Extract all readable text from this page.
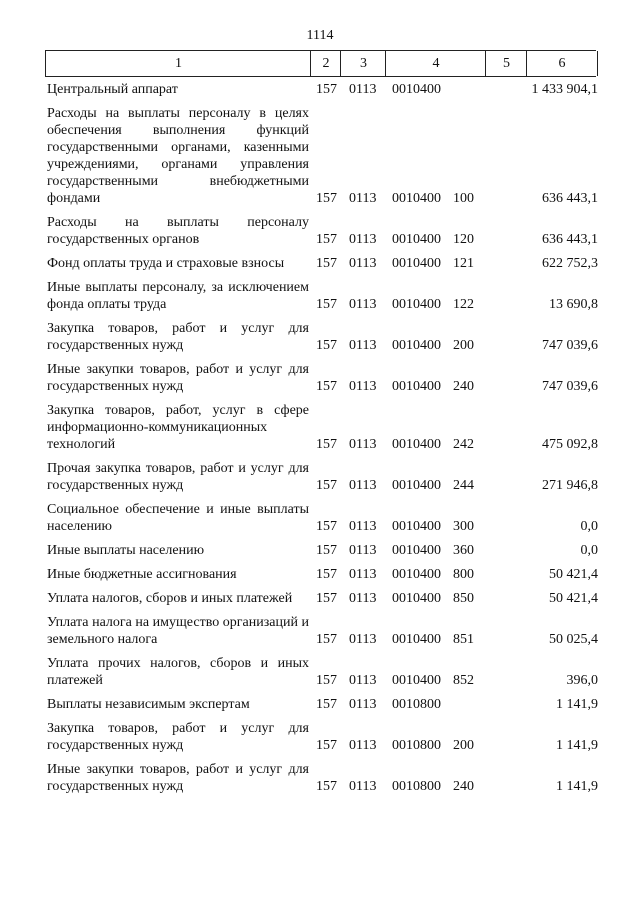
1114
1	2	3	4	5	6
Центральный аппарат	157 0113 0010400	1 433 904,1
Расходы на выплаты персоналу в целях обеспечения выполнения функций государственными органами, казенными учреждениями, органами управления государственными внебюджетными фондами	157 0113 0010400 100	636 443,1
Расходы на выплаты персоналу государственных органов	157 0113 0010400 120	636 443,1
Фонд оплаты труда и страховые взносы	157 0113 0010400 121	622 752,3
Иные выплаты персоналу, за исключением фонда оплаты труда	157 0113 0010400 122	13 690,8
Закупка товаров, работ и услуг для государственных нужд	157 0113 0010400 200	747 039,6
Иные закупки товаров, работ и услуг для государственных нужд	157 0113 0010400 240	747 039,6
Закупка товаров, работ, услуг в сфере информационно-коммуникационных технологий	157 0113 0010400 242	475 092,8
Прочая закупка товаров, работ и услуг для государственных нужд	157 0113 0010400 244	271 946,8
Социальное обеспечение и иные выплаты населению	157 0113 0010400 300	0,0
Иные выплаты населению	157 0113 0010400 360	0,0
Иные бюджетные ассигнования	157 0113 0010400 800	50 421,4
Уплата налогов, сборов и иных платежей	157 0113 0010400 850	50 421,4
Уплата налога на имущество организаций и земельного налога	157 0113 0010400 851	50 025,4
Уплата прочих налогов, сборов и иных платежей	157 0113 0010400 852	396,0
Выплаты независимым экспертам	157 0113 0010800	1 141,9
Закупка товаров, работ и услуг для государственных нужд	157 0113 0010800 200	1 141,9
Иные закупки товаров, работ и услуг для государственных нужд	157 0113 0010800 240	1 141,9
